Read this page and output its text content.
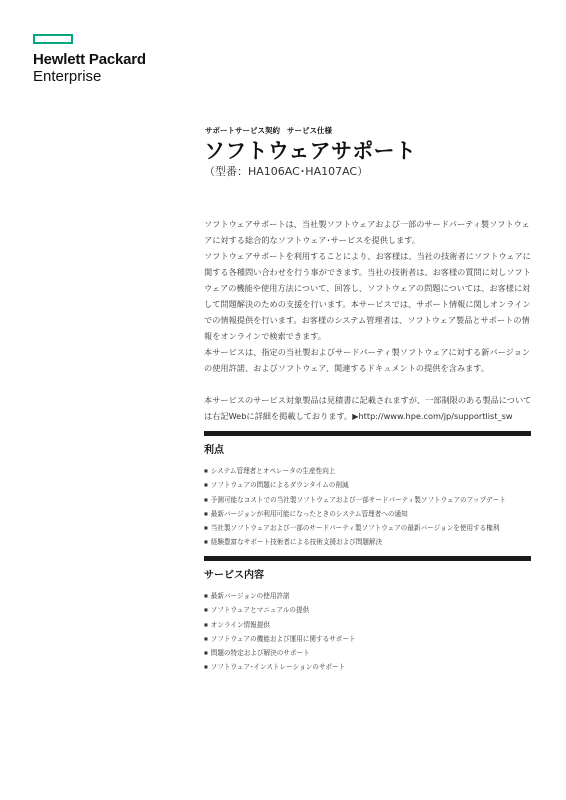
Hewlett Packard
Enterprise
サポートサービス契約 サービス仕様
ソフトウェアサポート
（型番：HA106AC･HA107AC）

ソフトウェアサポートは、当社製ソフトウェアおよび一部のサードパーティ製ソフトウェアに対する総合的なソフトウェア･サービスを提供します。

ソフトウェアサポートを利用することにより、お客様は、当社の技術者にソフトウェアに関する各種問い合わせを行う事ができます。当社の技術者は、お客様の質問に対しソフトウェアの機能や使用方法について、回答し、ソフトウェアの問題については、お客様に対して問題解決のための支援を行います。本サービスでは、サポート情報に関しオンラインでの情報提供を行います。お客様のシステム管理者は、ソフトウェア製品とサポートの情報をオンラインで検索できます。

本サービスは、指定の当社製およびサードパーティ製ソフトウェアに対する新バージョンの使用許諾、およびソフトウェア、関連するドキュメントの提供を含みます。

本サービスのサービス対象製品は見積書に記載されますが、一部制限のある製品については右記Webに詳細を掲載しております。▶http://www.hpe.com/jp/supportlist_sw

利点
■ システム管理者とオペレータの生産性向上
■ ソフトウェアの問題によるダウンタイムの削減
■ 予測可能なコストでの当社製ソフトウェアおよび一部サードパーティ製ソフトウェアのアップデート
■ 最新バージョンが利用可能になったときのシステム管理者への通知
■ 当社製ソフトウェアおよび一部のサードパーティ製ソフトウェアの最新バージョンを使用する権利
■ 経験豊富なサポート技術者による技術支援および問題解決
サービス内容
■ 最新バージョンの使用許諾
■ ソフトウェアとマニュアルの提供
■ オンライン情報提供
■ ソフトウェアの機能および運用に関するサポート
■ 問題の特定および解決のサポート
■ ソフトウェア･インストレーションのサポート
